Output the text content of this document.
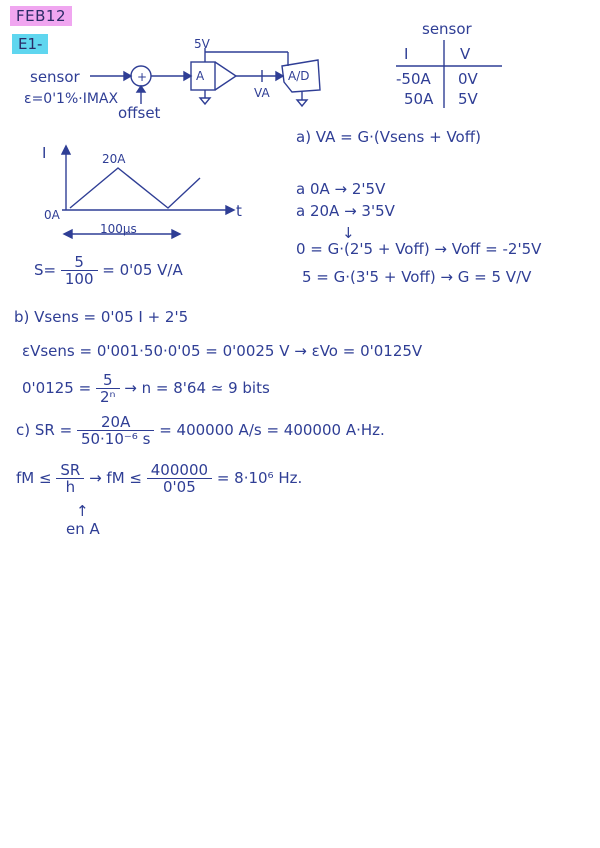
FEB12
E1-	5V
sensor
ε=0'1%·IMAX
+	A	A/D
VA
offset
sensor
I	V
-50A 0V
50A 5V
I	20A
0A	t
100µs
$S= \frac{5}{100} = 0'05$ V/A
a) VA = G·(Vsens + Voff)
a 0A → 2'5V
a 20A → 3'5V
↓
0 = G·(2'5 + Voff) → Voff = -2'5V
5 = G·(3'5 + Voff) → G = 5 V/V
b) Vsens = 0'05 I + 2'5
εVsens = 0'001·50·0'05 = 0'0025 V → εVo = 0'0125V
$0'0125 = \frac{5}{\text{2ⁿ}} \to n = 8'64$ ≃ 9 bits
c) SR = $\frac{20A}{\text{50·10⁻⁶ s}} = 400000$ A/s = 400000 A·Hz.
fM ≤ $\frac{SR}{h}$ → fM ≤ $\frac{400000}{0'05} = 8\cdot 10^6$ Hz.
↑
en A
